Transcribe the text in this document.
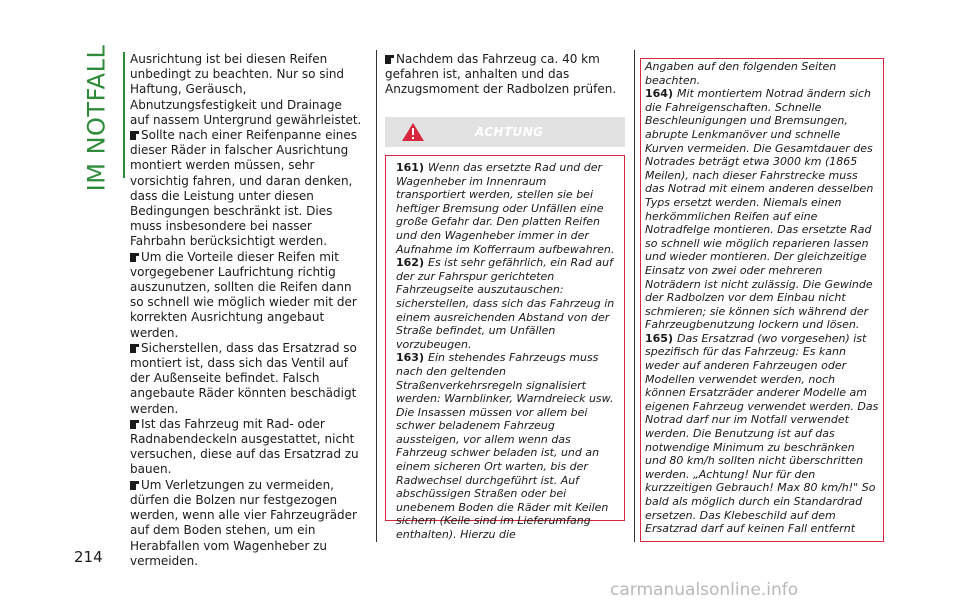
IM NOTFALL
214

Ausrichtung ist bei diesen Reifen unbedingt zu beachten. Nur so sind Haftung, Geräusch, Abnutzungsfestigkeit und Drainage auf nassem Untergrund gewährleistet.

Sollte nach einer Reifenpanne eines dieser Räder in falscher Ausrichtung montiert werden müssen, sehr vorsichtig fahren, und daran denken, dass die Leistung unter diesen Bedingungen beschränkt ist. Dies muss insbesondere bei nasser Fahrbahn berücksichtigt werden.

Um die Vorteile dieser Reifen mit vorgegebener Laufrichtung richtig auszunutzen, sollten die Reifen dann so schnell wie möglich wieder mit der korrekten Ausrichtung angebaut werden.

Sicherstellen, dass das Ersatzrad so montiert ist, dass sich das Ventil auf der Außenseite befindet. Falsch angebaute Räder könnten beschädigt werden.

Ist das Fahrzeug mit Rad- oder Radnabendeckeln ausgestattet, nicht versuchen, diese auf das Ersatzrad zu bauen.

Um Verletzungen zu vermeiden, dürfen die Bolzen nur festgezogen werden, wenn alle vier Fahrzeugräder auf dem Boden stehen, um ein Herabfallen vom Wagenheber zu vermeiden.

Nachdem das Fahrzeug ca. 40 km gefahren ist, anhalten und das Anzugsmoment der Radbolzen prüfen.

ACHTUNG
161) Wenn das ersetzte Rad und der Wagenheber im Innenraum transportiert werden, stellen sie bei heftiger Bremsung oder Unfällen eine große Gefahr dar. Den platten Reifen und den Wagenheber immer in der Aufnahme im Kofferraum aufbewahren.
162) Es ist sehr gefährlich, ein Rad auf der zur Fahrspur gerichteten Fahrzeugseite auszutauschen: sicherstellen, dass sich das Fahrzeug in einem ausreichenden Abstand von der Straße befindet, um Unfällen vorzubeugen.
163) Ein stehendes Fahrzeugs muss nach den geltenden Straßenverkehrsregeln signalisiert werden: Warnblinker, Warndreieck usw. Die Insassen müssen vor allem bei schwer beladenem Fahrzeug aussteigen, vor allem wenn das Fahrzeug schwer beladen ist, und an einem sicheren Ort warten, bis der Radwechsel durchgeführt ist. Auf abschüssigen Straßen oder bei unebenem Boden die Räder mit Keilen sichern (Keile sind im Lieferumfang enthalten). Hierzu die
Angaben auf den folgenden Seiten beachten.
164) Mit montiertem Notrad ändern sich die Fahreigenschaften. Schnelle Beschleunigungen und Bremsungen, abrupte Lenkmanöver und schnelle Kurven vermeiden. Die Gesamtdauer des Notrades beträgt etwa 3000 km (1865 Meilen), nach dieser Fahrstrecke muss das Notrad mit einem anderen desselben Typs ersetzt werden. Niemals einen herkömmlichen Reifen auf eine Notradfelge montieren. Das ersetzte Rad so schnell wie möglich reparieren lassen und wieder montieren. Der gleichzeitige Einsatz von zwei oder mehreren Noträdern ist nicht zulässig. Die Gewinde der Radbolzen vor dem Einbau nicht schmieren; sie können sich während der Fahrzeugbenutzung lockern und lösen.
165) Das Ersatzrad (wo vorgesehen) ist spezifisch für das Fahrzeug: Es kann weder auf anderen Fahrzeugen oder Modellen verwendet werden, noch können Ersatzräder anderer Modelle am eigenen Fahrzeug verwendet werden. Das Notrad darf nur im Notfall verwendet werden. Die Benutzung ist auf das notwendige Minimum zu beschränken und 80 km/h sollten nicht überschritten werden. „Achtung! Nur für den kurzzeitigen Gebrauch! Max 80 km/h!" So bald als möglich durch ein Standardrad ersetzen. Das Klebeschild auf dem Ersatzrad darf auf keinen Fall entfernt
carmanualsonline.info
